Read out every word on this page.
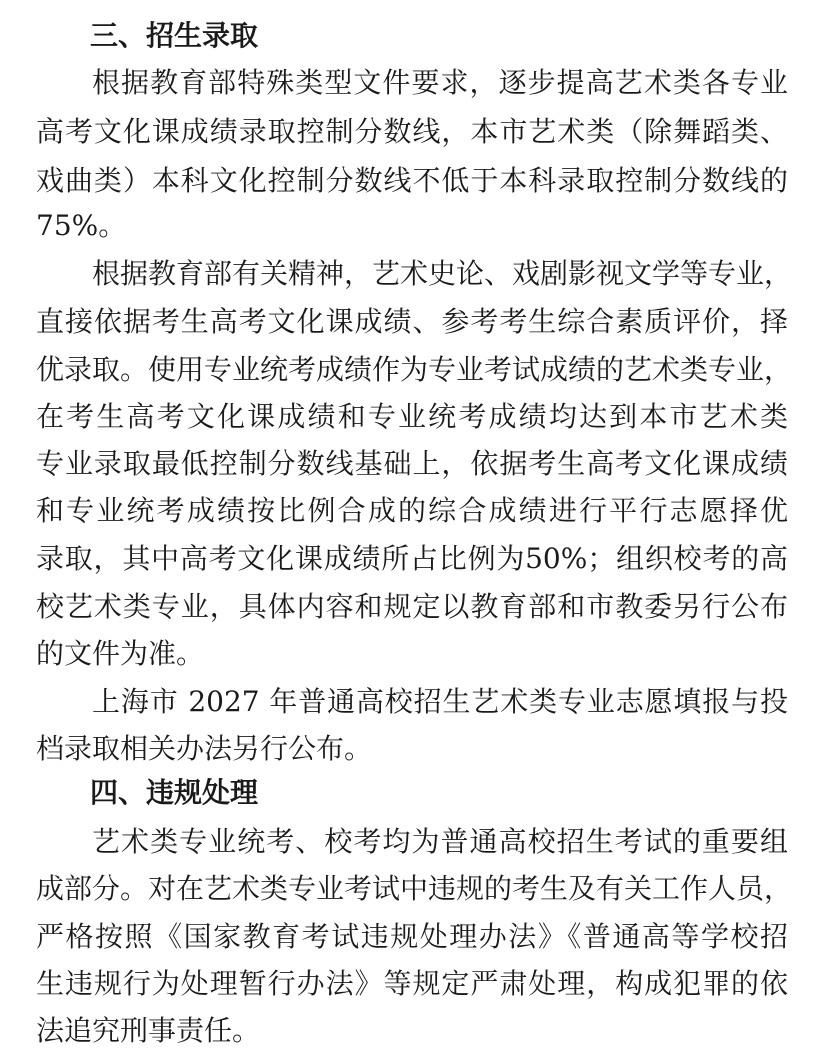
三、招生录取

根据教育部特殊类型文件要求，逐步提高艺术类各专业

高考文化课成绩录取控制分数线，本市艺术类（除舞蹈类、

戏曲类）本科文化控制分数线不低于本科录取控制分数线的

75%。

根据教育部有关精神，艺术史论、戏剧影视文学等专业，

直接依据考生高考文化课成绩、参考考生综合素质评价，择

优录取。使用专业统考成绩作为专业考试成绩的艺术类专业，

在考生高考文化课成绩和专业统考成绩均达到本市艺术类

专业录取最低控制分数线基础上，依据考生高考文化课成绩

和专业统考成绩按比例合成的综合成绩进行平行志愿择优

录取，其中高考文化课成绩所占比例为50%；组织校考的高

校艺术类专业，具体内容和规定以教育部和市教委另行公布

的文件为准。

上海市 2027 年普通高校招生艺术类专业志愿填报与投

档录取相关办法另行公布。

四、违规处理

艺术类专业统考、校考均为普通高校招生考试的重要组

成部分。对在艺术类专业考试中违规的考生及有关工作人员，

严格按照《国家教育考试违规处理办法》《普通高等学校招

生违规行为处理暂行办法》等规定严肃处理，构成犯罪的依

法追究刑事责任。
